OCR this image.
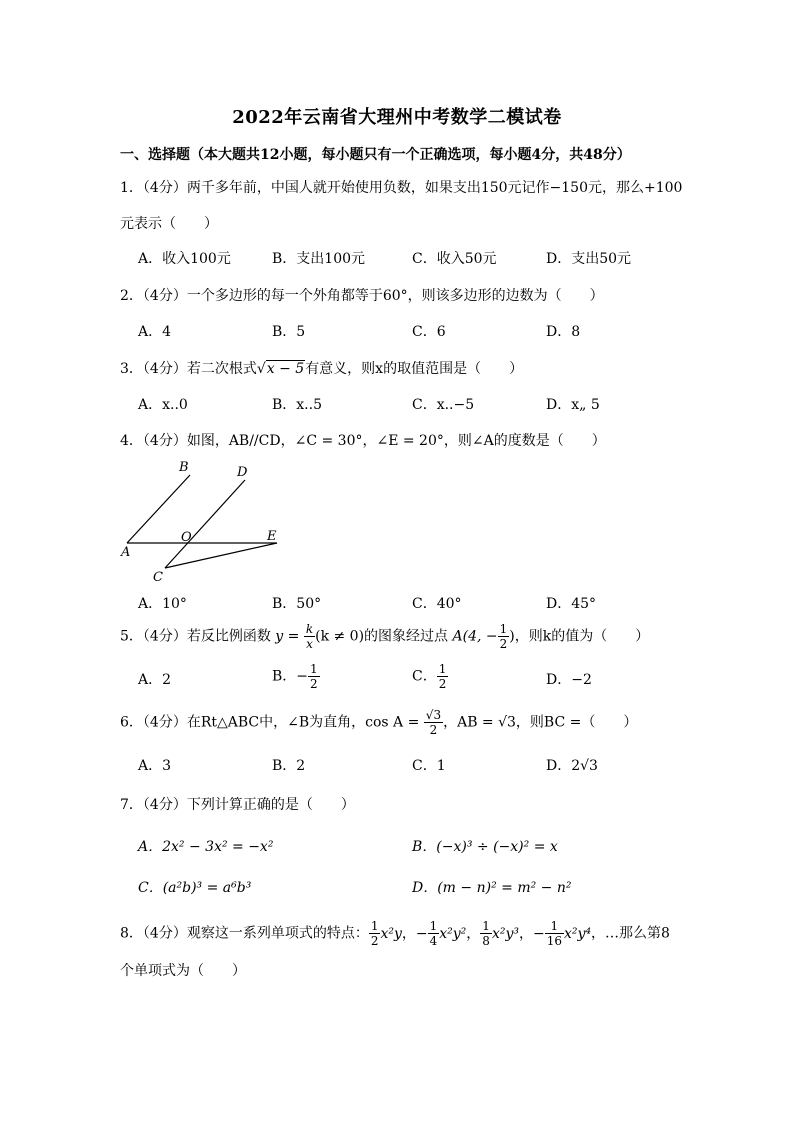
2022年云南省大理州中考数学二模试卷
一、选择题（本大题共12小题，每小题只有一个正确选项，每小题4分，共48分）
1．（4分）两千多年前，中国人就开始使用负数，如果支出150元记作−150元，那么+100
元表示（　　）
A．收入100元	B．支出100元	C．收入50元	D．支出50元
2．（4分）一个多边形的每一个外角都等于60°，则该多边形的边数为（　　）
A．4	B．5	C．6	D．8
3．（4分）若二次根式√x − 5有意义，则x的取值范围是（　　）
A．x..0	B．x..5	C．x..−5	D．x„ 5
4．（4分）如图，AB//CD，∠C = 30°，∠E = 20°，则∠A的度数是（　　）
B	D
O	E
A
C
A．10°	B．50°	C．40°	D．45°
5．（4分）若反比例函数 $y = \frac{k}{x} (k \ne 0)$的图象经过点 A(4, − $\frac{1}{2}$ )，则k的值为（　　）
A．2	B．− $\frac{1}{2}$	C． $\frac{1}{2}$	D．−2
6．（4分）在Rt△ABC中，∠B为直角，$\cos A = \frac{√3}{2}$ ，AB = √3，则BC =（　　）
A．3	B．2	C．1	D．2√3
7．（4分）下列计算正确的是（　　）
A．2x² − 3x² = −x²	B．(−x)³ ÷ (−x)² = x
C．(a²b)³ = a⁶b³	D．(m − n)² = m² − n²
8．（4分）观察这一系列单项式的特点： $\frac{1}{2} x^2y$，− $\frac{1}{4} x^2y^2$， $\frac{1}{8} x^2y^3$，− $\frac{1}{16} x^2y^4$，…那么第8
个单项式为（　　）
